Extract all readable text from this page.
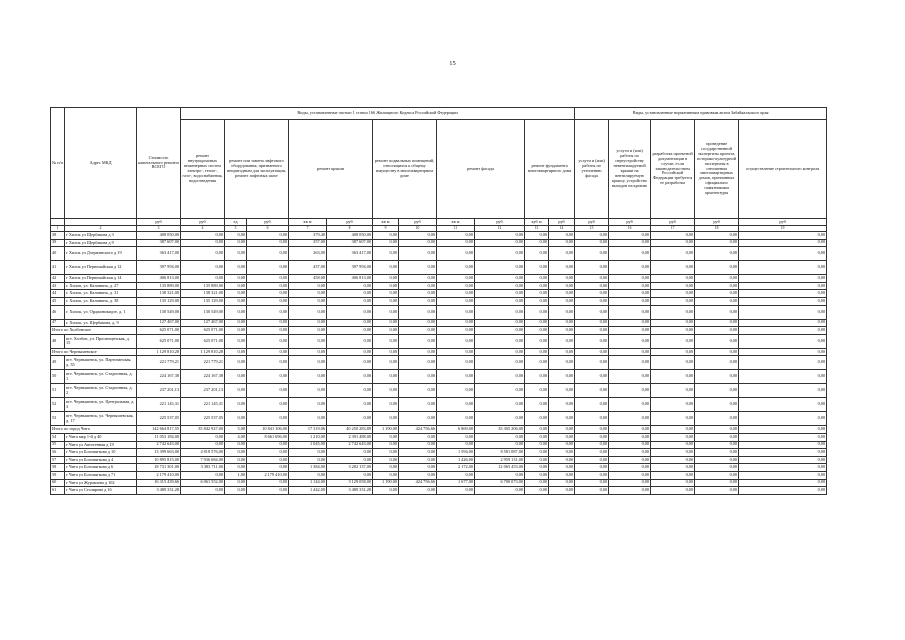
15
№ п/п	Адрес МКД	Стоимость капитального ремонта ВСЕГО	Виды, установленные частью 1 статьи 166 Жилищного Кодекса Российской Федерации											Виды, установленные нормативным правовым актом Забайкальского края				
			ремонт внутридомовых инженерных систем электро-, тепло-, газо-, водоснабжения, водоотведения	ремонт или замена лифтового оборудования, признанного непригодным для эксплуатации, ремонт лифтовых шахт		ремонт крыши		ремонт подвальных помещений, относящихся к общему имуществу в многоквартирном доме		ремонт фасада		ремонт фундамента многоквартирного дома		услуги и (или) работы по утеплению фасада	услуги и (или) работы по переустройству невентилируемой крыши на вентилируемую крышу, устройство выходов на кровлю	разработка проектной документации в случае, если законодательством Российской Федерации требуется ее разработка	проведение государственной экспертизы проекта, историко-культурной экспертизы в отношении многоквартирных домов, признанных официально памятниками архитектуры	осуществление строительного контроля
		руб	руб	ед	руб	кв м	руб	кв м	руб	кв м	руб	куб м	руб	руб	руб	руб	руб	руб
1	2	3	4	5	6	7	8	9	10	11	12	13	14	15	16	17	18	19
38	г Хилок ул Щербакова д 3	408 050,00	0,00	0,00	0,00	379,40	408 050,00	0,00	0,00	0,00	0,00	0,00	0,00	0,00	0,00	0,00	0,00	0,00
39	г Хилок ул Щербакова д 9	387 607,00	0,00	0,00	0,00	357,00	387 607,00	0,00	0,00	0,00	0,00	0,00	0,00	0,00	0,00	0,00	0,00	0,00
40	г Хилок ул Дзержинского д 19	363 417,00	0,00	0,00	0,00	263,00	363 417,00	0,00	0,00	0,00	0,00	0,00	0,00	0,00	0,00	0,00	0,00	0,00
41	г Хилок ул Первомайская д 12	397 994,00	0,00	0,00	0,00	437,00	397 994,00	0,00	0,00	0,00	0,00	0,00	0,00	0,00	0,00	0,00	0,00	0,00
42	г Хилок ул Первомайская д 14	406 813,00	0,00	0,00	0,00	458,00	406 813,00	0,00	0,00	0,00	0,00	0,00	0,00	0,00	0,00	0,00	0,00	0,00
43	г. Хилок, ул. Калинина, д. 27	135 889,00	135 889,00	0,00	0,00	0,00	0,00	0,00	0,00	0,00	0,00	0,00	0,00	0,00	0,00	0,00	0,00	0,00
44	г. Хилок, ул. Калинина, д. 31	138 321,00	138 321,00	0,00	0,00	0,00	0,00	0,00	0,00	0,00	0,00	0,00	0,00	0,00	0,00	0,00	0,00	0,00
45	г. Хилок, ул. Калинина, д. 38	135 129,00	135 129,00	0,00	0,00	0,00	0,00	0,00	0,00	0,00	0,00	0,00	0,00	0,00	0,00	0,00	0,00	0,00
46	г. Хилок, ул. Орджоникидзе, д. 1	130 549,00	130 549,00	0,00	0,00	0,00	0,00	0,00	0,00	0,00	0,00	0,00	0,00	0,00	0,00	0,00	0,00	0,00
47	г. Хилок, ул. Щербакова, д. 9	127 467,00	127 467,00	0,00	0,00	0,00	0,00	0,00	0,00	0,00	0,00	0,00	0,00	0,00	0,00	0,00	0,00	0,00
Итого по Холбонское		625 071,00	625 071,00	0,00	0,00	0,00	0,00	0,00	0,00	0,00	0,00	0,00	0,00	0,00	0,00	0,00	0,00	0,00
48	пгт. Холбон, ул. Просвещенская, д. 15	625 071,00	625 071,00	0,00	0,00	0,00	0,00	0,00	0,00	0,00	0,00	0,00	0,00	0,00	0,00	0,00	0,00	0,00
Итого по Чернышевское		1 129 810,28	1 129 810,28	0,00	0,00	0,00	0,00	0,00	0,00	0,00	0,00	0,00	0,00	0,00	0,00	0,00	0,00	0,00
49	пгт. Чернышевск, ул. Партизанская, д. 35	221 779,21	221 779,21	0,00	0,00	0,00	0,00	0,00	0,00	0,00	0,00	0,00	0,00	0,00	0,00	0,00	0,00	0,00
50	пгт. Чернышевск, ул. Стадионная, д. 1	224 167,38	224 167,38	0,00	0,00	0,00	0,00	0,00	0,00	0,00	0,00	0,00	0,00	0,00	0,00	0,00	0,00	0,00
51	пгт. Чернышевск, ул. Стадионная, д. 2	237 201,13	237 201,13	0,00	0,00	0,00	0,00	0,00	0,00	0,00	0,00	0,00	0,00	0,00	0,00	0,00	0,00	0,00
52	пгт. Чернышевск, ул. Центральная, д. 3	221 145,31	221 145,31	0,00	0,00	0,00	0,00	0,00	0,00	0,00	0,00	0,00	0,00	0,00	0,00	0,00	0,00	0,00
53	пгт. Чернышевск, ул. Чернышевская, д. 17	225 537,05	225 537,05	0,00	0,00	0,00	0,00	0,00	0,00	0,00	0,00	0,00	0,00	0,00	0,00	0,00	0,00	0,00
Итого по город Чита		142 664 817,55	35 842 927,00	5,00	10 841 106,00	17 319,06	40 250 283,89	1 190,00	424 756,66	6 869,00	35 305 206,00	0,00	0,00	0,00	0,00	0,00	0,00	0,00
54	г Чита мкр 1-й д 40	11 053 184,00	0,00	4,00	8 661 696,00	1 210,00	2 391 488,00	0,00	0,00	0,00	0,00	0,00	0,00	0,00	0,00	0,00	0,00	0,00
55	г Чита ул Автогенная д 19	2 742 643,00	0,00	0,00	0,00	1 045,00	2 742 643,00	0,00	0,00	0,00	0,00	0,00	0,00	0,00	0,00	0,00	0,00	0,00
56	г Чита ул Богомягкова д 10	13 399 663,00	4 818 576,00	0,00	0,00	0,00	0,00	0,00	0,00	1 594,00	8 581 087,00	0,00	0,00	0,00	0,00	0,00	0,00	0,00
57	г Чита ул Богомягкова д 4	10 895 815,00	7 936 684,00	0,00	0,00	0,00	0,00	0,00	0,00	1 426,00	2 959 131,00	0,00	0,00	0,00	0,00	0,00	0,00	0,00
58	г Чита ул Богомягкова д 6	18 731 301,00	3 383 711,00	0,00	0,00	1 384,00	3 282 137,00	0,00	0,00	2 172,00	12 065 453,00	0,00	0,00	0,00	0,00	0,00	0,00	0,00
59	г Чита ул Богомягкова д 71	2 179 410,00	0,00	1,00	2 179 410,00	0,00	0,00	0,00	0,00	0,00	0,00	0,00	0,00	0,00	0,00	0,00	0,00	0,00
60	г Чита ул Журавлева д 102	16 315 439,66	6 061 552,00	0,00	0,00	1 144,00	3 129 058,00	1 190,00	424 756,66	1 677,00	6 700 073,00	0,00	0,00	0,00	0,00	0,00	0,00	0,00
61	г Чита ул Столярова д 16	3 489 331,28	0,00	0,00	0,00	1 442,00	3 489 331,28	0,00	0,00	0,00	0,00	0,00	0,00	0,00	0,00	0,00	0,00	0,00
